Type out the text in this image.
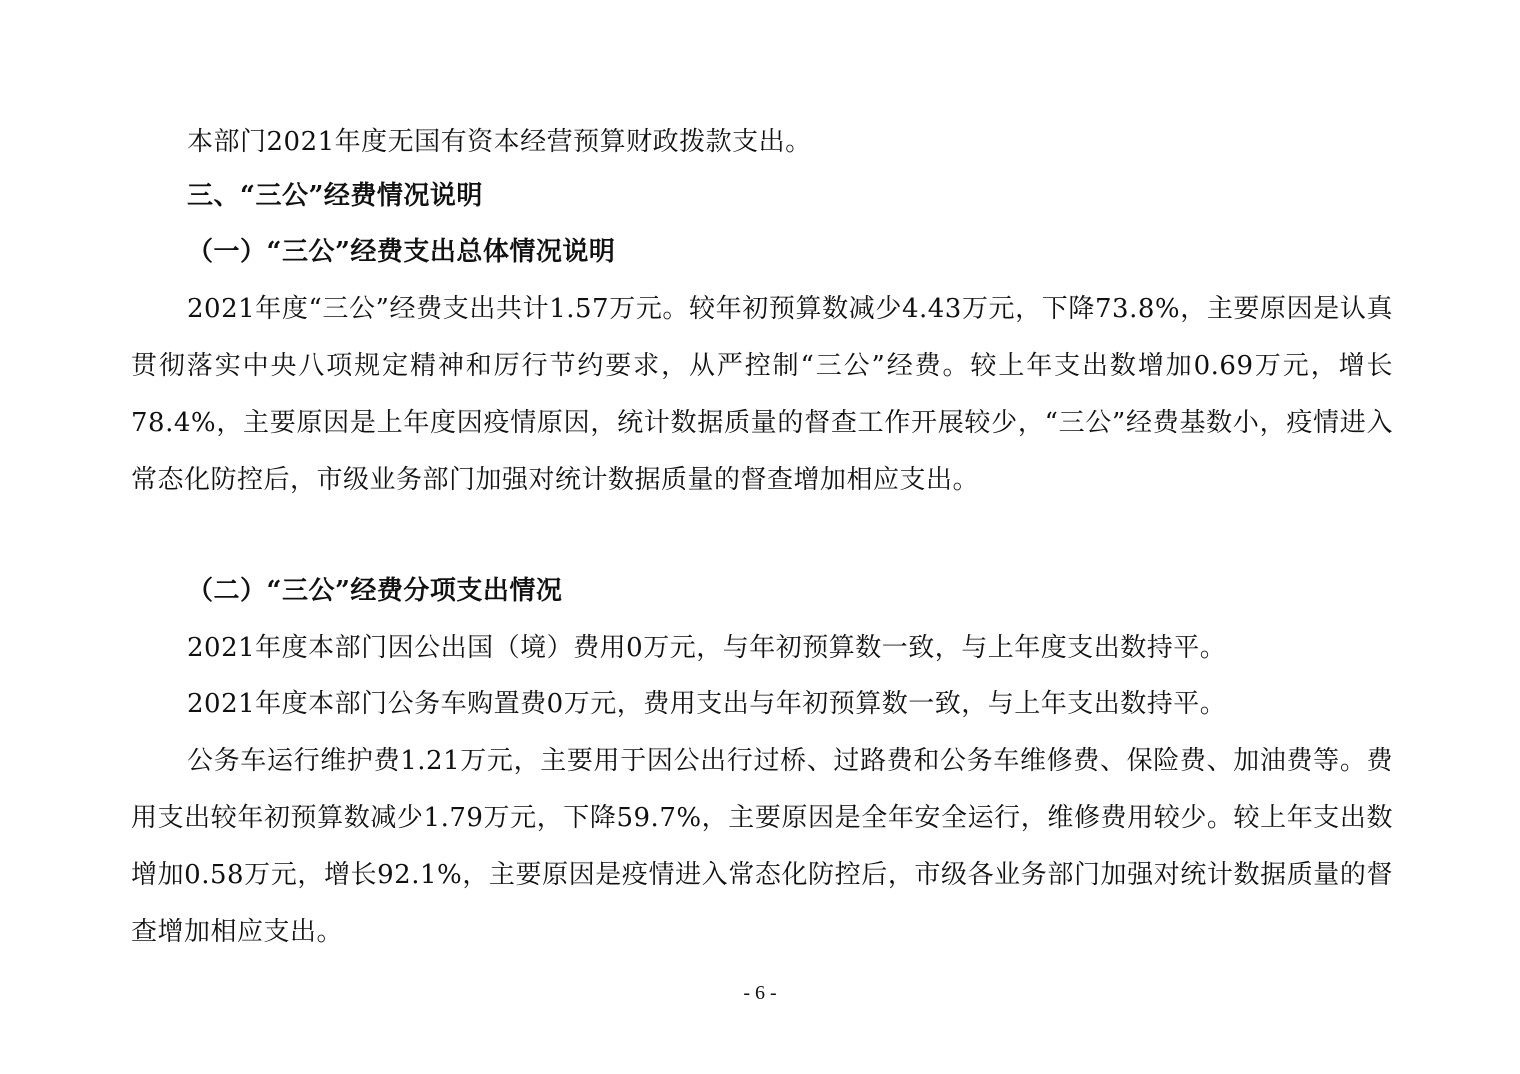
本部门2021年度无国有资本经营预算财政拨款支出。
三、“三公”经费情况说明
（一）“三公”经费支出总体情况说明
2021年度“三公”经费支出共计1.57万元。较年初预算数减少4.43万元，下降73.8%，主要原因是认真贯彻落实中央八项规定精神和厉行节约要求，从严控制“三公”经费。较上年支出数增加0.69万元，增长78.4%，主要原因是上年度因疫情原因，统计数据质量的督查工作开展较少，“三公”经费基数小，疫情进入常态化防控后，市级业务部门加强对统计数据质量的督查增加相应支出。
（二）“三公”经费分项支出情况
2021年度本部门因公出国（境）费用0万元，与年初预算数一致，与上年度支出数持平。
2021年度本部门公务车购置费0万元，费用支出与年初预算数一致，与上年支出数持平。
公务车运行维护费1.21万元，主要用于因公出行过桥、过路费和公务车维修费、保险费、加油费等。费用支出较年初预算数减少1.79万元，下降59.7%，主要原因是全年安全运行，维修费用较少。较上年支出数增加0.58万元，增长92.1%，主要原因是疫情进入常态化防控后，市级各业务部门加强对统计数据质量的督查增加相应支出。
- 6 -
